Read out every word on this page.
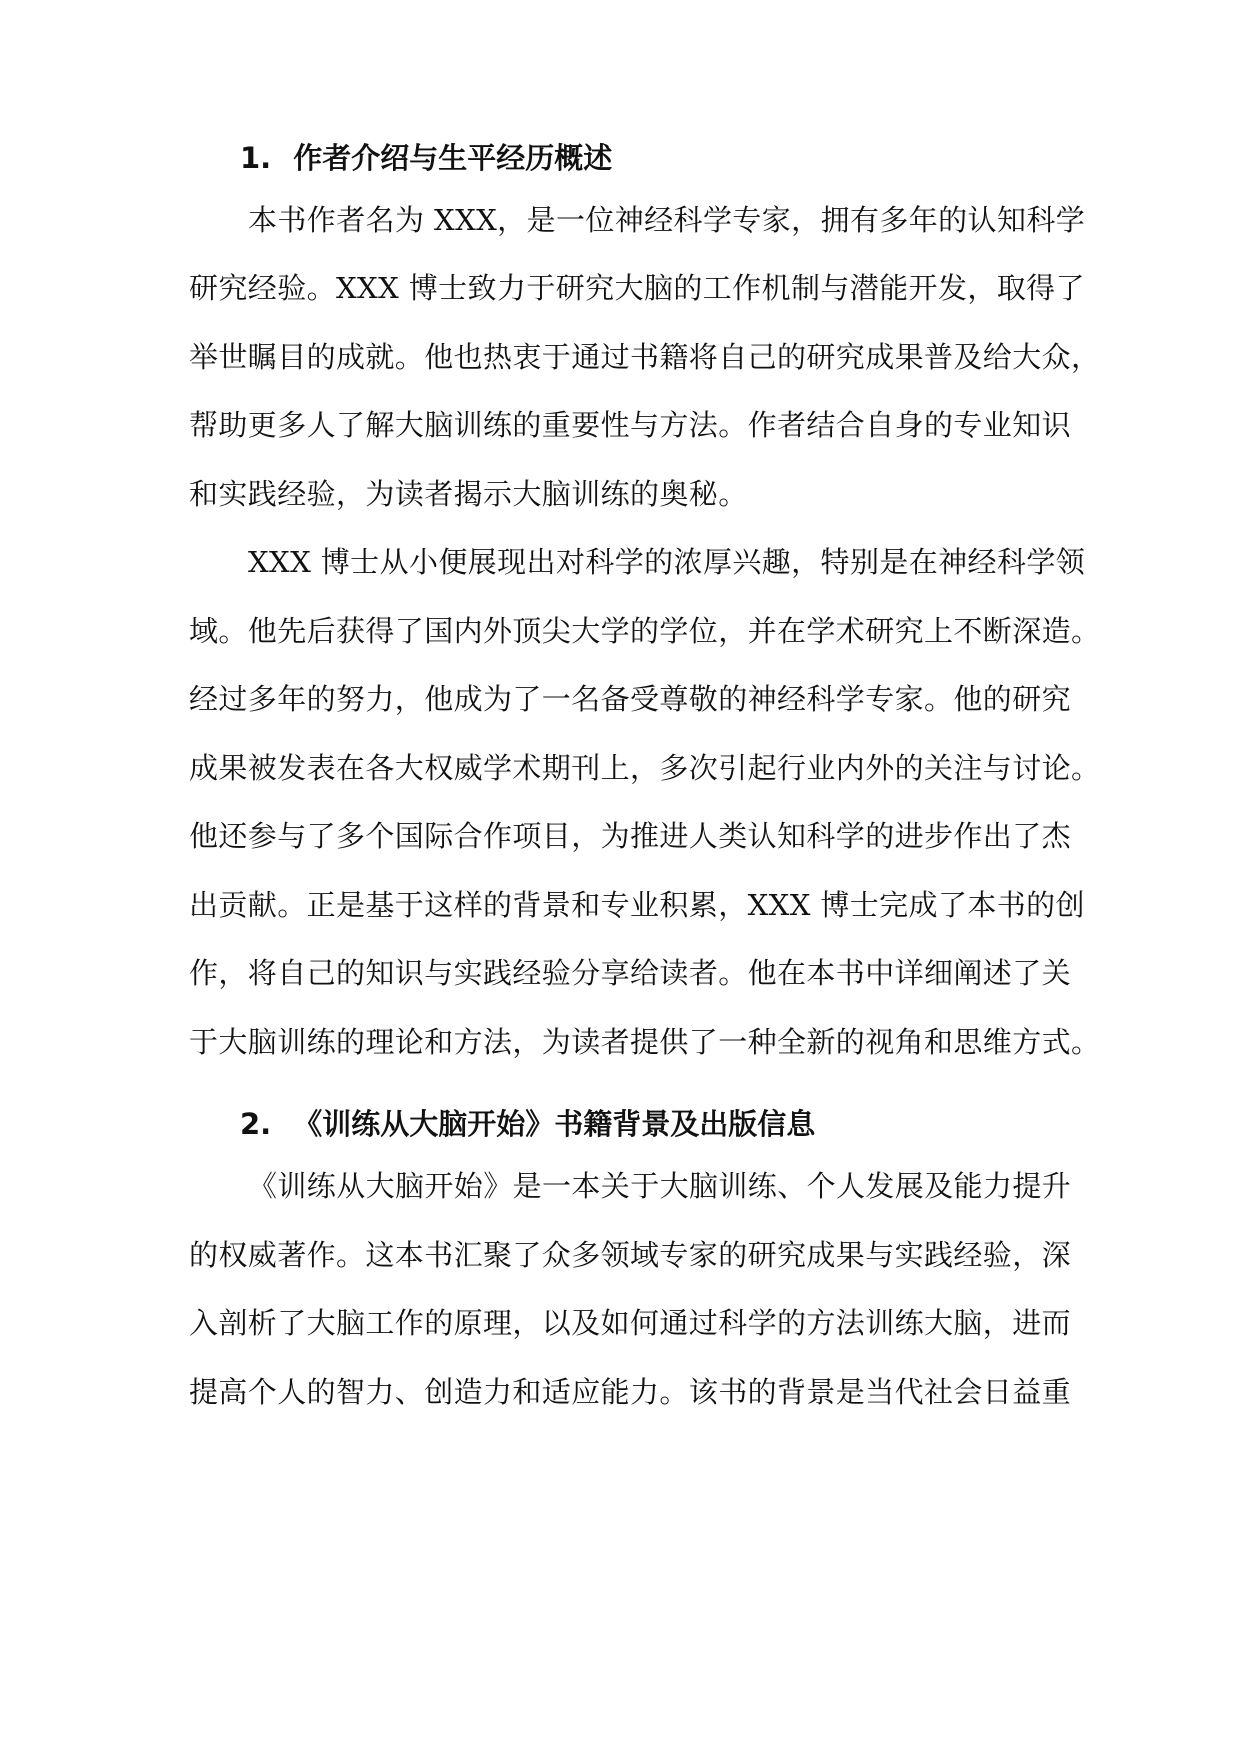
1. 作者介绍与生平经历概述
本书作者名为 XXX，是一位神经科学专家，拥有多年的认知科学
研究经验。XXX 博士致力于研究大脑的工作机制与潜能开发，取得了
举世瞩目的成就。他也热衷于通过书籍将自己的研究成果普及给大众，
帮助更多人了解大脑训练的重要性与方法。作者结合自身的专业知识
和实践经验，为读者揭示大脑训练的奥秘。
XXX 博士从小便展现出对科学的浓厚兴趣，特别是在神经科学领
域。他先后获得了国内外顶尖大学的学位，并在学术研究上不断深造。
经过多年的努力，他成为了一名备受尊敬的神经科学专家。他的研究
成果被发表在各大权威学术期刊上，多次引起行业内外的关注与讨论。
他还参与了多个国际合作项目，为推进人类认知科学的进步作出了杰
出贡献。正是基于这样的背景和专业积累，XXX 博士完成了本书的创
作，将自己的知识与实践经验分享给读者。他在本书中详细阐述了关
于大脑训练的理论和方法，为读者提供了一种全新的视角和思维方式。
2. 《训练从大脑开始》书籍背景及出版信息
《训练从大脑开始》是一本关于大脑训练、个人发展及能力提升
的权威著作。这本书汇聚了众多领域专家的研究成果与实践经验，深
入剖析了大脑工作的原理，以及如何通过科学的方法训练大脑，进而
提高个人的智力、创造力和适应能力。该书的背景是当代社会日益重
